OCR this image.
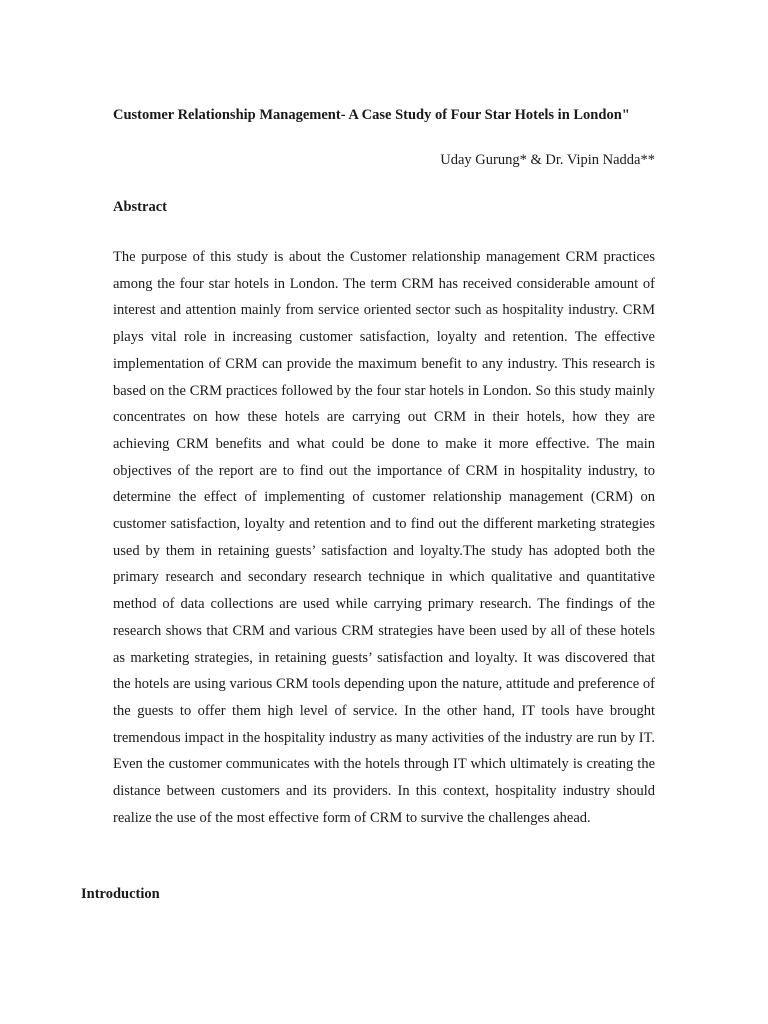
Customer Relationship Management- A Case Study of Four Star Hotels in London"
Uday Gurung* & Dr. Vipin Nadda**
Abstract
The purpose of this study is about the Customer relationship management CRM practices among the four star hotels in London. The term CRM has received considerable amount of interest and attention mainly from service oriented sector such as hospitality industry. CRM plays vital role in increasing customer satisfaction, loyalty and retention. The effective implementation of CRM can provide the maximum benefit to any industry. This research is based on the CRM practices followed by the four star hotels in London. So this study mainly concentrates on how these hotels are carrying out CRM in their hotels, how they are achieving CRM benefits and what could be done to make it more effective. The main objectives of the report are to find out the importance of CRM in hospitality industry, to determine the effect of implementing of customer relationship management (CRM) on customer satisfaction, loyalty and retention and to find out the different marketing strategies used by them in retaining guests’ satisfaction and loyalty.The study has adopted both the primary research and secondary research technique in which qualitative and quantitative method of data collections are used while carrying primary research. The findings of the research shows that CRM and various CRM strategies have been used by all of these hotels as marketing strategies, in retaining guests’ satisfaction and loyalty. It was discovered that the hotels are using various CRM tools depending upon the nature, attitude and preference of the guests to offer them high level of service. In the other hand, IT tools have brought tremendous impact in the hospitality industry as many activities of the industry are run by IT. Even the customer communicates with the hotels through IT which ultimately is creating the distance between customers and its providers. In this context, hospitality industry should realize the use of the most effective form of CRM to survive the challenges ahead.
Introduction
